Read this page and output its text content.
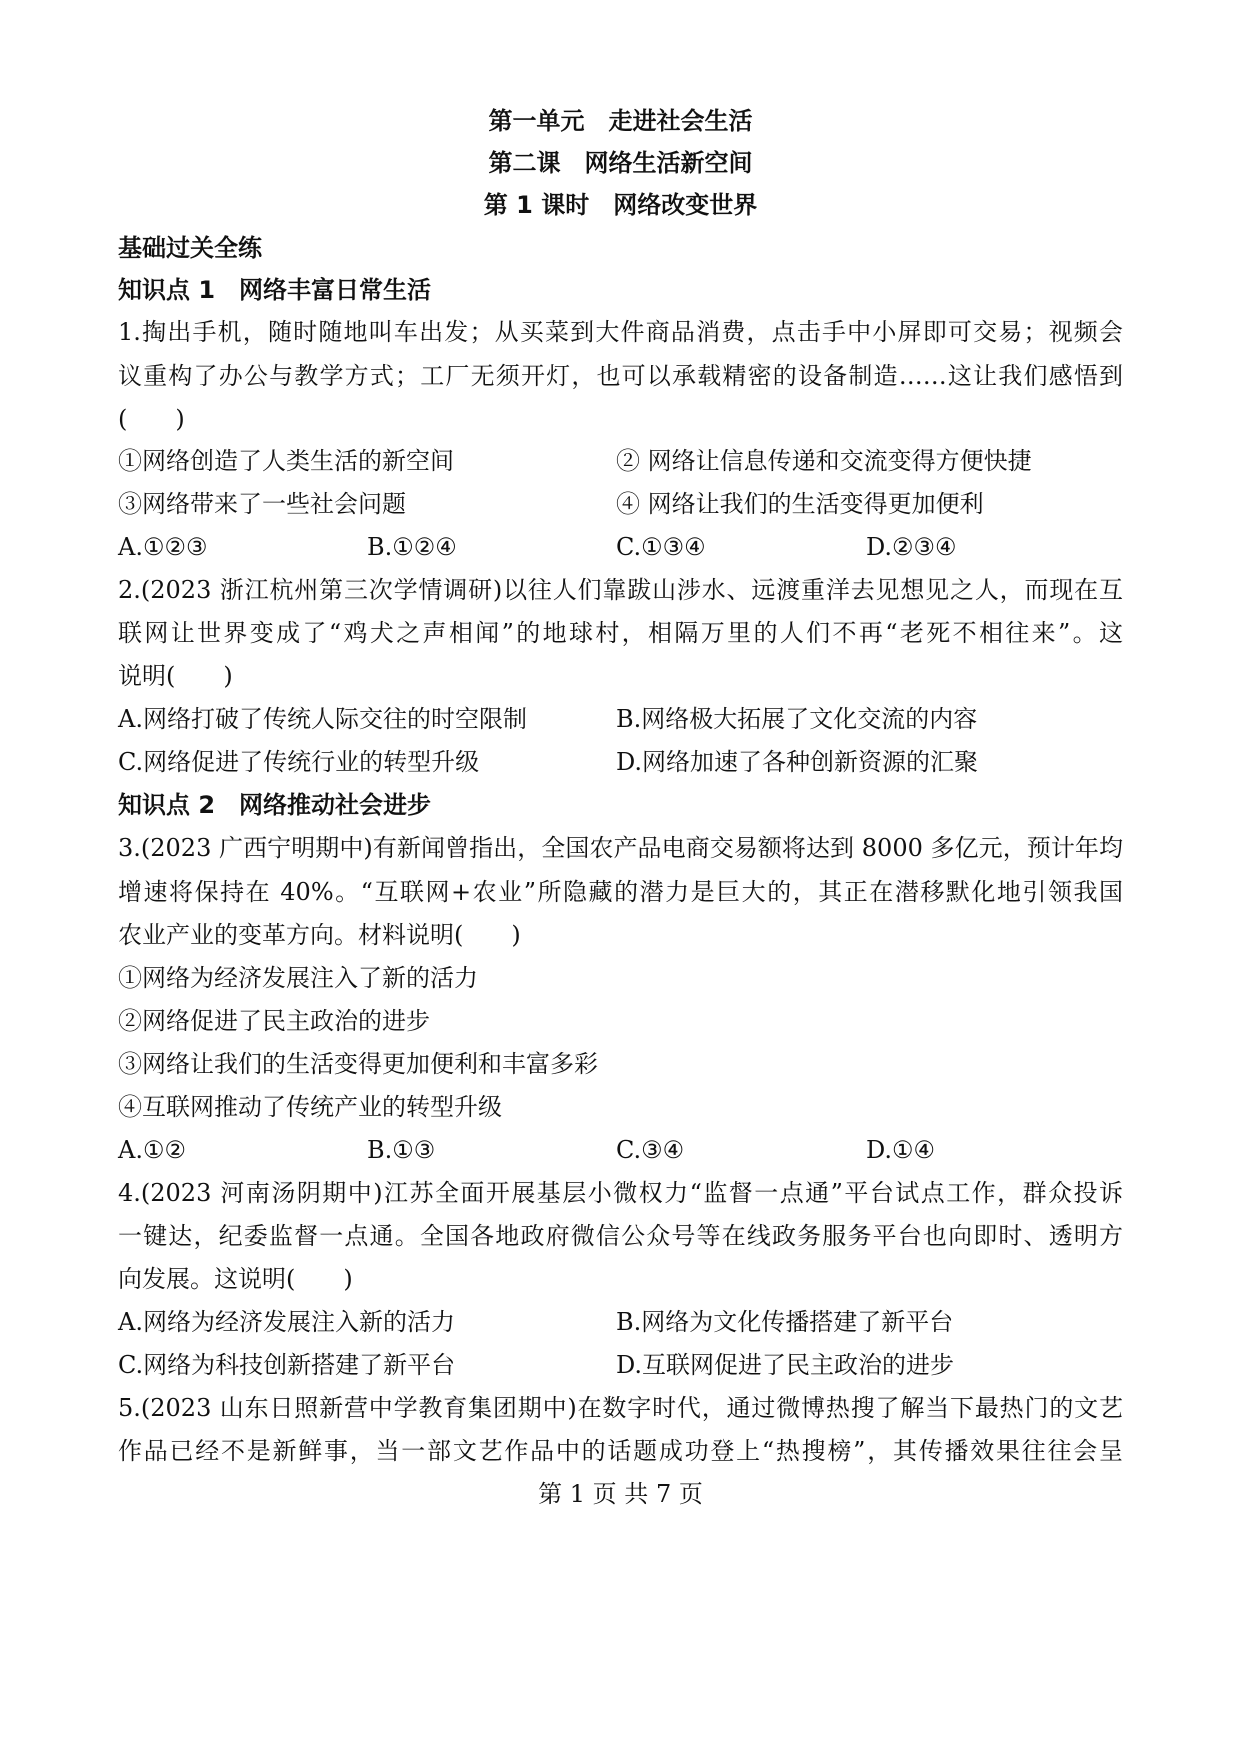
第一单元　走进社会生活
第二课　网络生活新空间
第 1 课时　网络改变世界
基础过关全练
知识点 1　网络丰富日常生活
1.掏出手机，随时随地叫车出发；从买菜到大件商品消费，点击手中小屏即可交易；视频会
议重构了办公与教学方式；工厂无须开灯，也可以承载精密的设备制造……这让我们感悟到
(　　)
①网络创造了人类生活的新空间	② 网络让信息传递和交流变得方便快捷
③网络带来了一些社会问题	④ 网络让我们的生活变得更加便利
A.①②③	B.①②④	C.①③④	D.②③④
2.(2023 浙江杭州第三次学情调研)以往人们靠跋山涉水、远渡重洋去见想见之人，而现在互
联网让世界变成了“鸡犬之声相闻”的地球村，相隔万里的人们不再“老死不相往来”。这
说明(　　)
A.网络打破了传统人际交往的时空限制	B.网络极大拓展了文化交流的内容
C.网络促进了传统行业的转型升级	D.网络加速了各种创新资源的汇聚
知识点 2　网络推动社会进步
3.(2023 广西宁明期中)有新闻曾指出，全国农产品电商交易额将达到 8000 多亿元，预计年均
增速将保持在 40%。“互联网+农业”所隐藏的潜力是巨大的，其正在潜移默化地引领我国
农业产业的变革方向。材料说明(　　)
①网络为经济发展注入了新的活力
②网络促进了民主政治的进步
③网络让我们的生活变得更加便利和丰富多彩
④互联网推动了传统产业的转型升级
A.①②	B.①③	C.③④	D.①④
4.(2023 河南汤阴期中)江苏全面开展基层小微权力“监督一点通”平台试点工作，群众投诉
一键达，纪委监督一点通。全国各地政府微信公众号等在线政务服务平台也向即时、透明方
向发展。这说明(　　)
A.网络为经济发展注入新的活力	B.网络为文化传播搭建了新平台
C.网络为科技创新搭建了新平台	D.互联网促进了民主政治的进步
5.(2023 山东日照新营中学教育集团期中)在数字时代，通过微博热搜了解当下最热门的文艺
作品已经不是新鲜事，当一部文艺作品中的话题成功登上“热搜榜”，其传播效果往往会呈
第 1 页 共 7 页
